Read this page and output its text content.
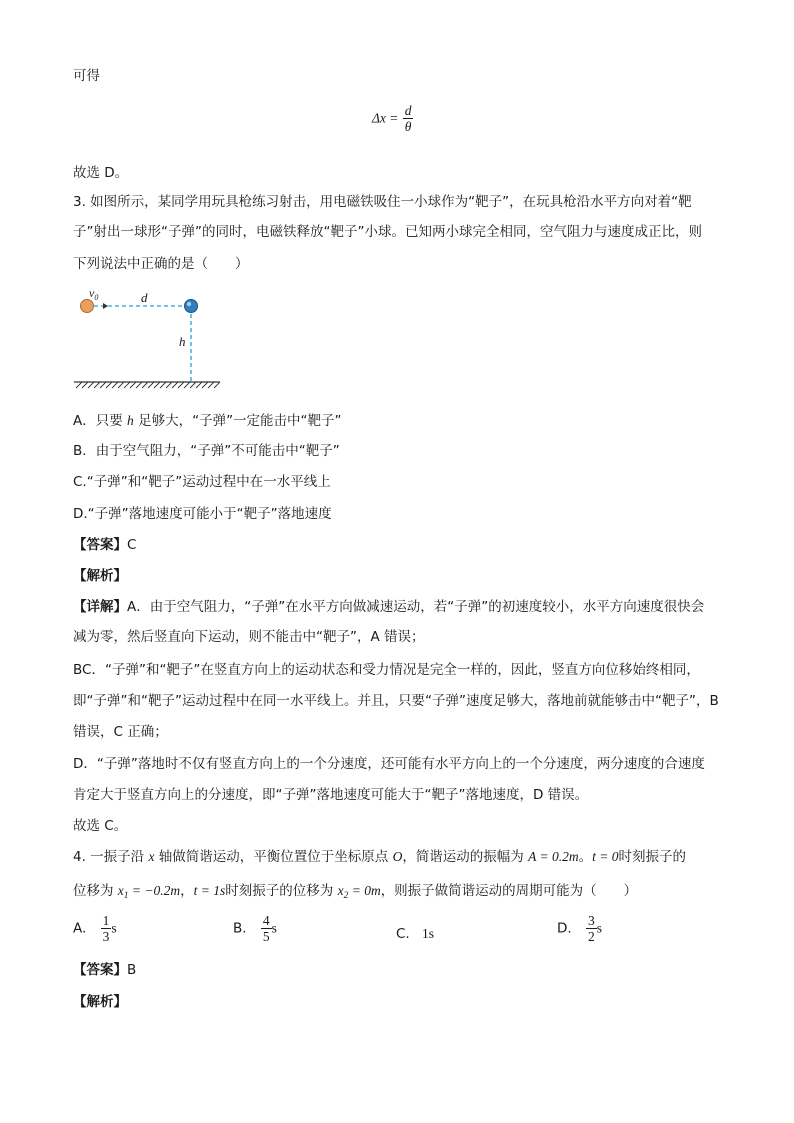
可得
$\Delta x = \frac{d}{\theta}$
故选 D。
3. 如图所示，某同学用玩具枪练习射击，用电磁铁吸住一小球作为“靶子”，在玩具枪沿水平方向对着“靶
子”射出一球形“子弹”的同时，电磁铁释放“靶子”小球。已知两小球完全相同，空气阻力与速度成正比，则
下列说法中正确的是（　　）
$v_0$	d
h
A．只要 h 足够大，“子弹”一定能击中“靶子”
B．由于空气阻力，“子弹”不可能击中“靶子”
C.“子弹”和“靶子”运动过程中在一水平线上
D.“子弹”落地速度可能小于“靶子”落地速度
【答案】C
【解析】
【详解】A．由于空气阻力，“子弹”在水平方向做减速运动，若“子弹”的初速度较小，水平方向速度很快会
减为零，然后竖直向下运动，则不能击中“靶子”，A 错误；
BC．“子弹”和“靶子”在竖直方向上的运动状态和受力情况是完全一样的，因此，竖直方向位移始终相同，
即“子弹”和“靶子”运动过程中在同一水平线上。并且，只要“子弹”速度足够大，落地前就能够击中“靶子”，B
错误，C 正确；
D．“子弹”落地时不仅有竖直方向上的一个分速度，还可能有水平方向上的一个分速度，两分速度的合速度
肯定大于竖直方向上的分速度，即“子弹”落地速度可能大于“靶子”落地速度，D 错误。
故选 C。
4. 一振子沿 x 轴做简谐运动，平衡位置位于坐标原点 O，简谐运动的振幅为 A = 0.2m。t = 0时刻振子的
位移为 $x_1 = -0.2m$，t = 1s时刻振子的位移为 $x_2 = 0m$，则振子做简谐运动的周期可能为（　　）
A. $\frac{1}{3}$ s	B. $\frac{4}{5}$ s	C. 1s	D. $\frac{3}{2}$ s
【答案】B
【解析】
